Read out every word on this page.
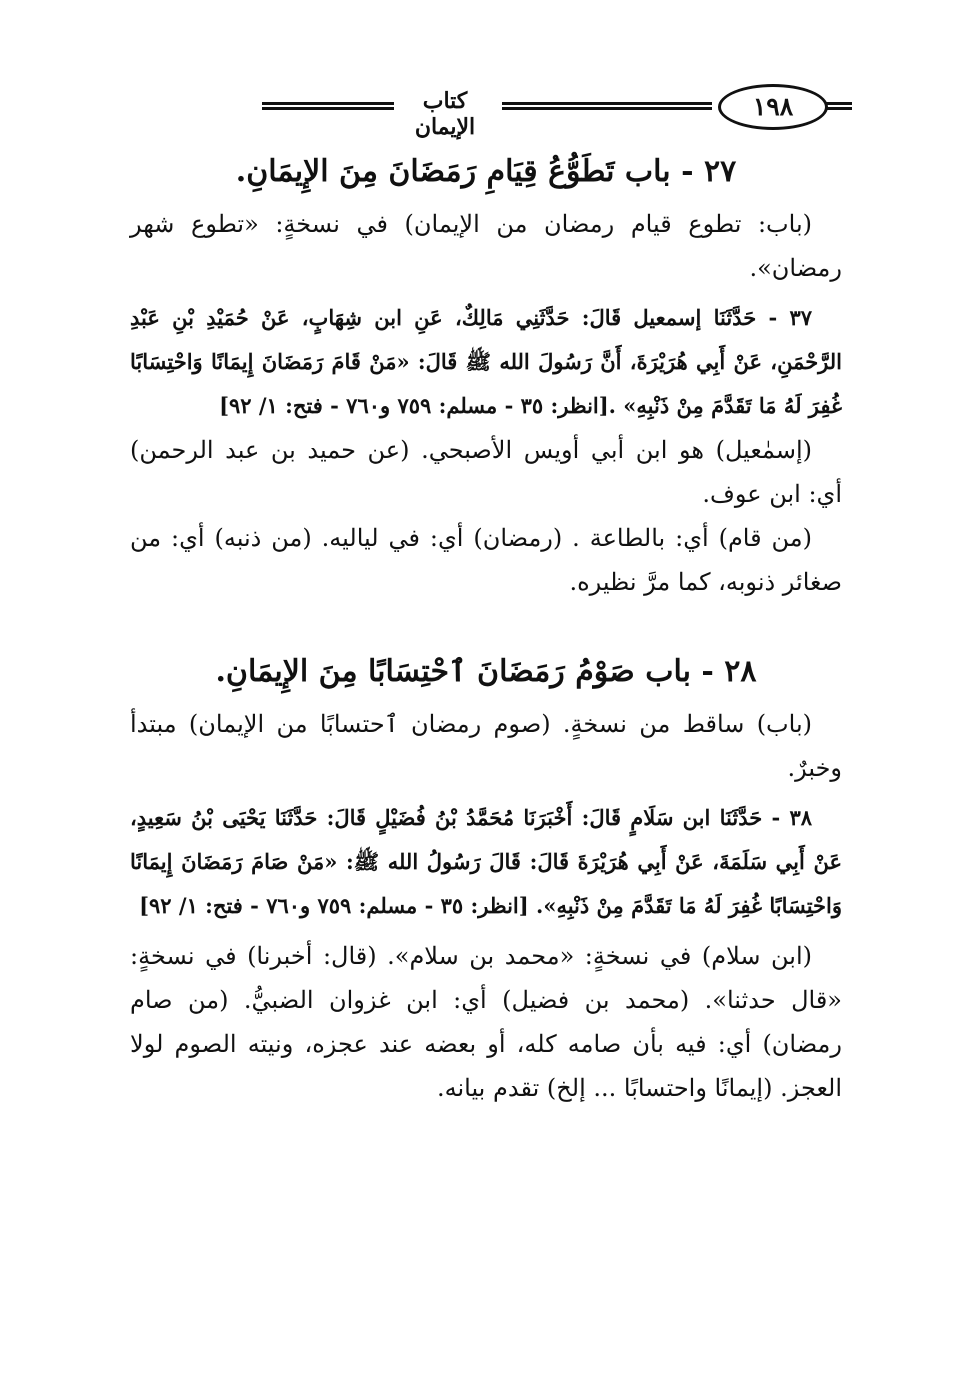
كتاب الإيمان
١٩٨
٢٧ - باب تَطَوُّعُ قِيَامِ رَمَضَانَ مِنَ الإِيمَانِ.

(باب: تطوع قيام رمضان من الإيمان) في نسخةٍ: «تطوع شهر رمضان».

٣٧ - حَدَّثَنَا إسمعيل قَالَ: حَدَّثَنِي مَالِكٌ، عَنِ ابن شِهَابٍ، عَنْ حُمَيْدِ بْنِ عَبْدِ الرَّحْمَنِ، عَنْ أَبِي هُرَيْرَةَ، أَنَّ رَسُولَ الله ﷺ قَالَ: «مَنْ قَامَ رَمَضَانَ إِيمَانًا وَاحْتِسَابًا غُفِرَ لَهُ مَا تَقَدَّمَ مِنْ ذَنْبِهِ» .[انظر: ٣٥ - مسلم: ٧٥٩ و٧٦٠ - فتح: ١/ ٩٢]

(إسمٰعيل) هو ابن أبي أويس الأصبحي. (عن حميد بن عبد الرحمن) أي: ابن عوف.

(من قام) أي: بالطاعة . (رمضان) أي: في لياليه. (من ذنبه) أي: من صغائر ذنوبه، كما مرَّ نظيره.

٢٨ - باب صَوْمُ رَمَضَانَ ٱحْتِسَابًا مِنَ الإِيمَانِ.

(باب) ساقط من نسخةٍ. (صوم رمضان ٱحتسابًا من الإيمان) مبتدأ وخبرٌ.

٣٨ - حَدَّثَنَا ابن سَلَامٍ قَالَ: أَخْبَرَنَا مُحَمَّدُ بْنُ فُضَيْلٍ قَالَ: حَدَّثَنَا يَحْيَى بْنُ سَعِيدٍ، عَنْ أَبِي سَلَمَةَ، عَنْ أَبِي هُرَيْرَةَ قَالَ: قَالَ رَسُولُ الله ﷺ: «مَنْ صَامَ رَمَضَانَ إِيمَانًا وَاحْتِسَابًا غُفِرَ لَهُ مَا تَقَدَّمَ مِنْ ذَنْبِهِ». [انظر: ٣٥ - مسلم: ٧٥٩ و٧٦٠ - فتح: ١/ ٩٢]

(ابن سلام) في نسخةٍ: «محمد بن سلام». (قال: أخبرنا) في نسخةٍ: «قال حدثنا». (محمد بن فضيل) أي: ابن غزوان الضبيُّ. (من صام رمضان) أي: فيه بأن صامه كله، أو بعضه عند عجزه، ونيته الصوم لولا العجز. (إيمانًا واحتسابًا ... إلخ) تقدم بيانه.
